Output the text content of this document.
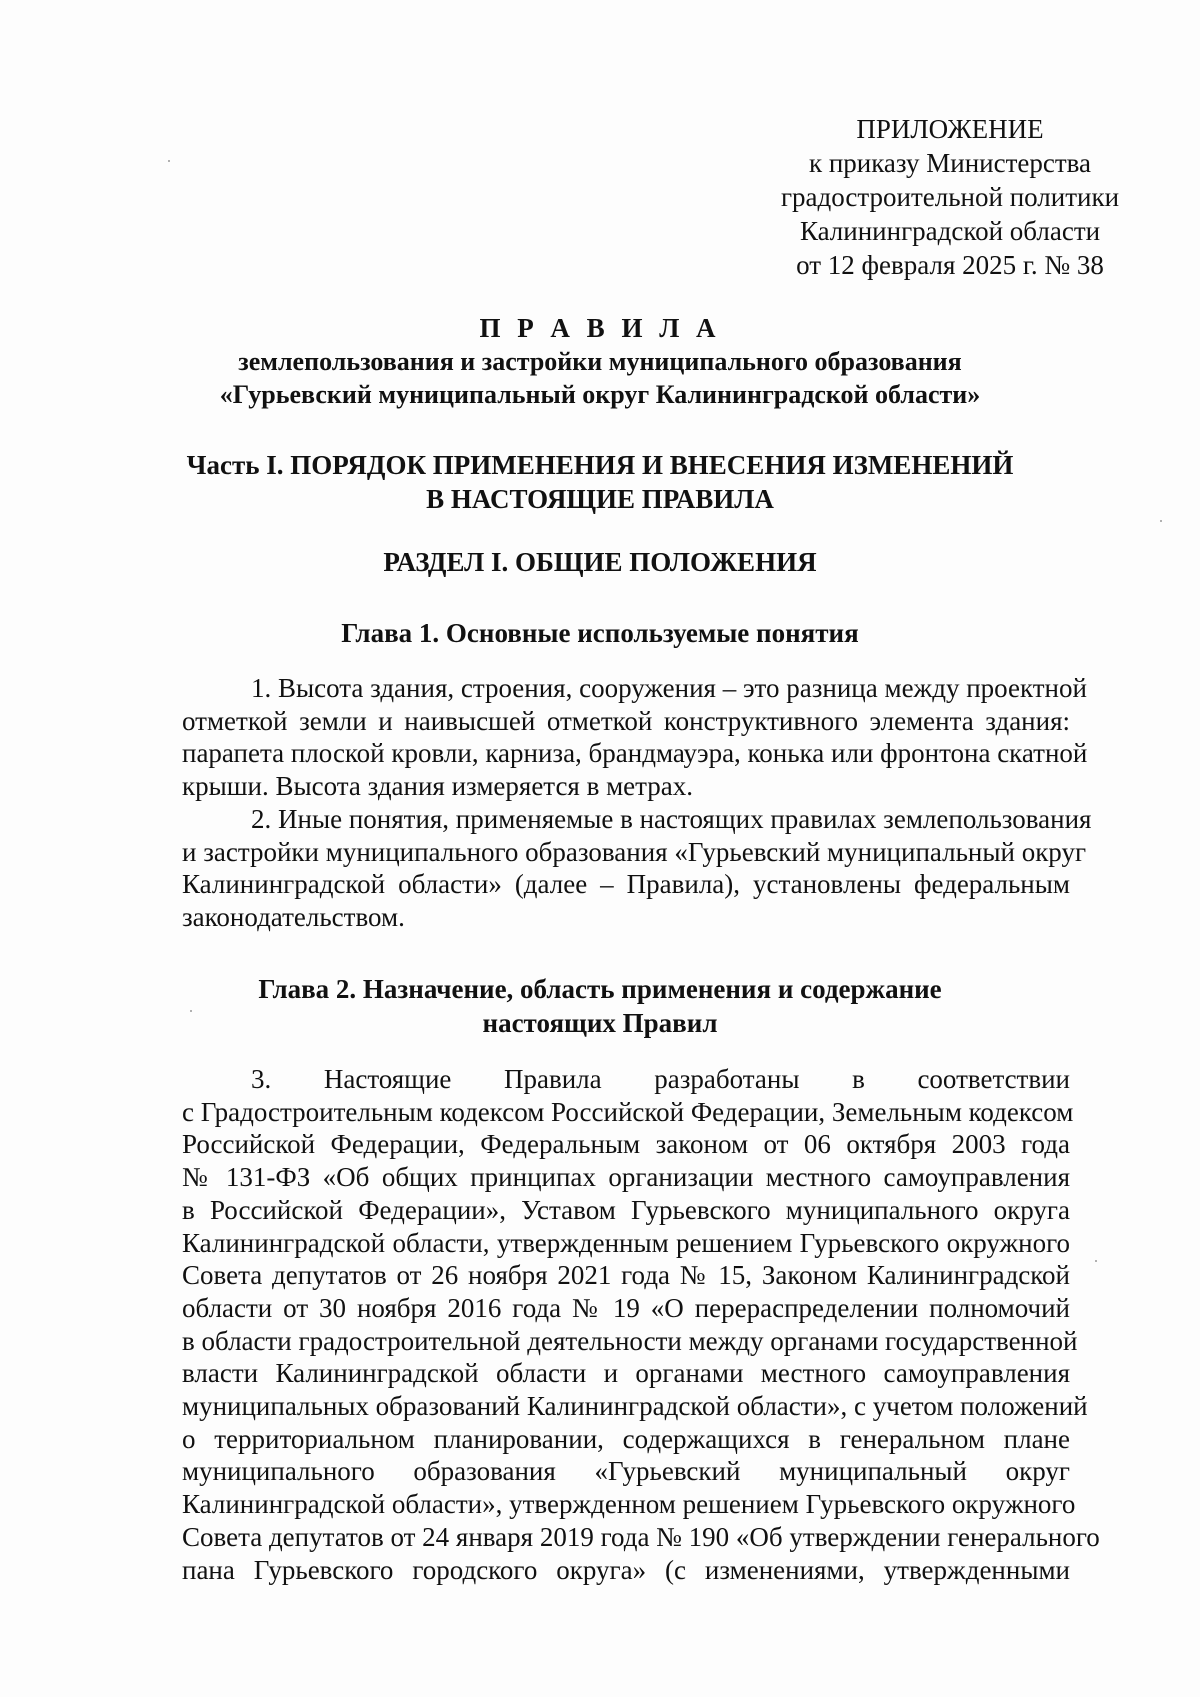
ПРИЛОЖЕНИЕ
к приказу Министерства
градостроительной политики
Калининградской области
от 12 февраля 2025 г. № 38
П Р А В И Л А
землепользования и застройки муниципального образования
«Гурьевский муниципальный округ Калининградской области»
Часть I. ПОРЯДОК ПРИМЕНЕНИЯ И ВНЕСЕНИЯ ИЗМЕНЕНИЙ
В НАСТОЯЩИЕ ПРАВИЛА
РАЗДЕЛ I. ОБЩИЕ ПОЛОЖЕНИЯ
Глава 1. Основные используемые понятия
1. Высота здания, строения, сооружения – это разница между проектной
отметкой земли и наивысшей отметкой конструктивного элемента здания:
парапета плоской кровли, карниза, брандмауэра, конька или фронтона скатной
крыши. Высота здания измеряется в метрах.
2. Иные понятия, применяемые в настоящих правилах землепользования
и застройки муниципального образования «Гурьевский муниципальный округ
Калининградской области» (далее – Правила), установлены федеральным
законодательством.
Глава 2. Назначение, область применения и содержание
настоящих Правил
3. Настоящие Правила разработаны в соответствии
с Градостроительным кодексом Российской Федерации, Земельным кодексом
Российской Федерации, Федеральным законом от 06 октября 2003 года
№ 131-ФЗ «Об общих принципах организации местного самоуправления
в Российской Федерации», Уставом Гурьевского муниципального округа
Калининградской области, утвержденным решением Гурьевского окружного
Совета депутатов от 26 ноября 2021 года № 15, Законом Калининградской
области от 30 ноября 2016 года № 19 «О перераспределении полномочий
в области градостроительной деятельности между органами государственной
власти Калининградской области и органами местного самоуправления
муниципальных образований Калининградской области», с учетом положений
о территориальном планировании, содержащихся в генеральном плане
муниципального образования «Гурьевский муниципальный округ
Калининградской области», утвержденном решением Гурьевского окружного
Совета депутатов от 24 января 2019 года № 190 «Об утверждении генерального
пана Гурьевского городского округа» (с изменениями, утвержденными
